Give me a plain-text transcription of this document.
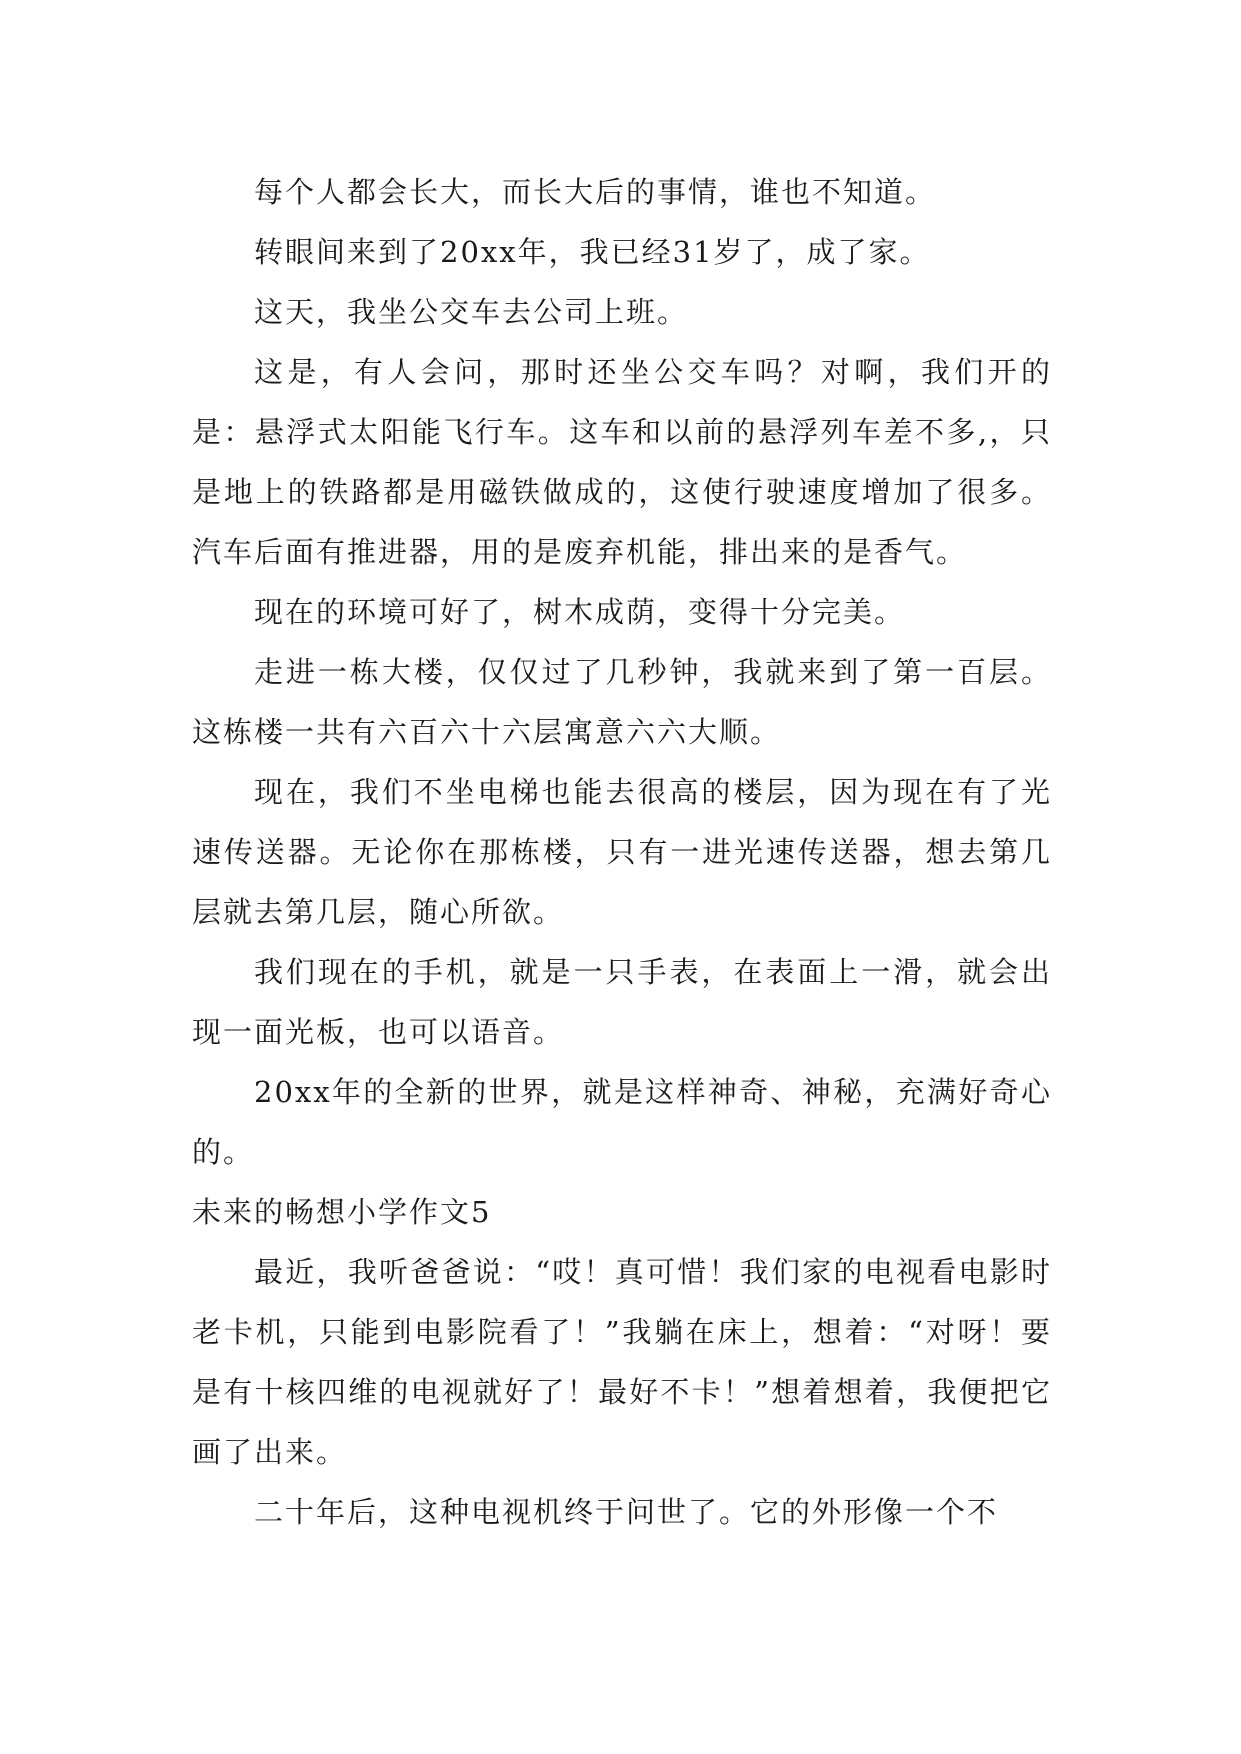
每个人都会长大，而长大后的事情，谁也不知道。

转眼间来到了20xx年，我已经31岁了，成了家。

这天，我坐公交车去公司上班。

这是，有人会问，那时还坐公交车吗？对啊，我们开的是：悬浮式太阳能飞行车。这车和以前的悬浮列车差不多,，只是地上的铁路都是用磁铁做成的，这使行驶速度增加了很多。汽车后面有推进器，用的是废弃机能，排出来的是香气。

现在的环境可好了，树木成荫，变得十分完美。

走进一栋大楼，仅仅过了几秒钟，我就来到了第一百层。这栋楼一共有六百六十六层寓意六六大顺。

现在，我们不坐电梯也能去很高的楼层，因为现在有了光速传送器。无论你在那栋楼，只有一进光速传送器，想去第几层就去第几层，随心所欲。

我们现在的手机，就是一只手表，在表面上一滑，就会出现一面光板，也可以语音。

20xx年的全新的世界，就是这样神奇、神秘，充满好奇心的。

未来的畅想小学作文5

最近，我听爸爸说：“哎！真可惜！我们家的电视看电影时老卡机，只能到电影院看了！”我躺在床上，想着：“对呀！要是有十核四维的电视就好了！最好不卡！”想着想着，我便把它画了出来。

二十年后，这种电视机终于问世了。它的外形像一个不
